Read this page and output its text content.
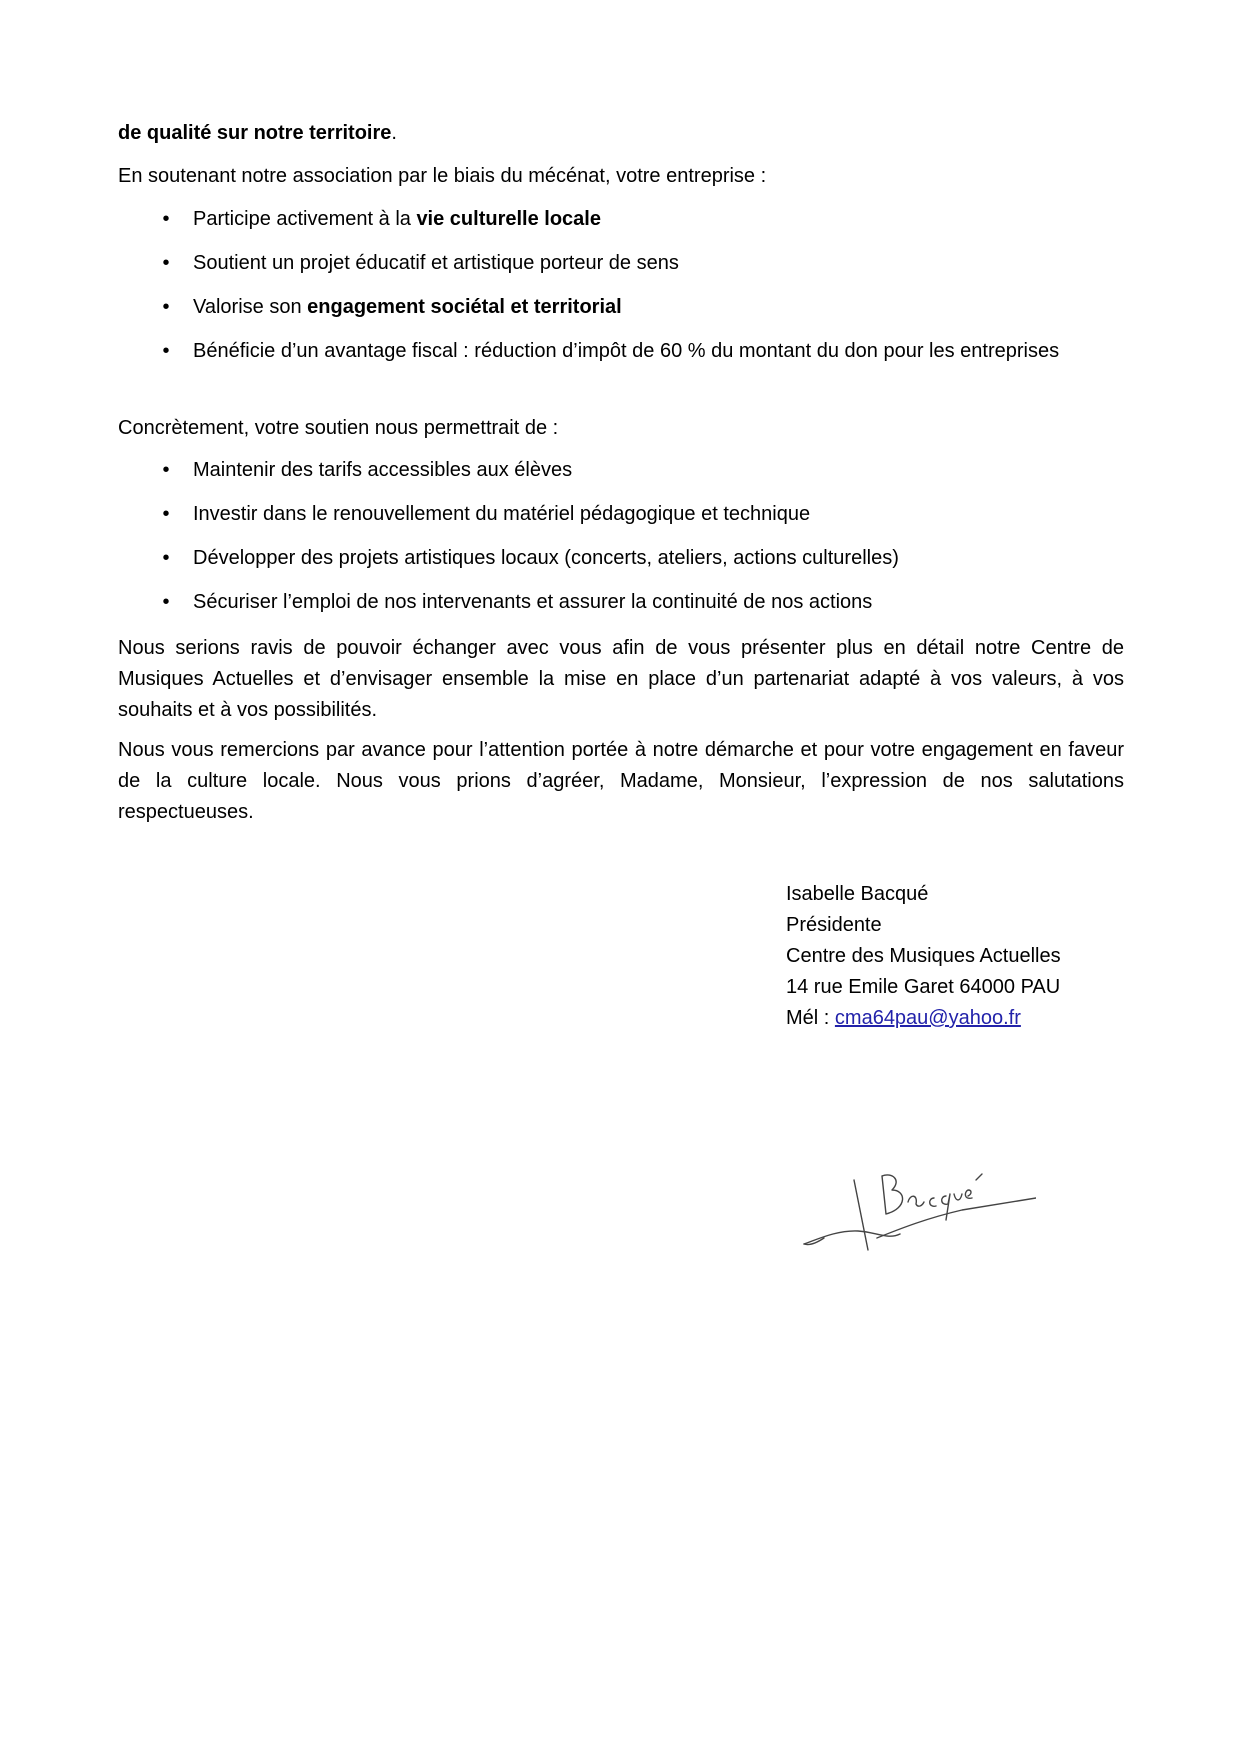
de qualité sur notre territoire.
En soutenant notre association par le biais du mécénat, votre entreprise :
• Participe activement à la vie culturelle locale
• Soutient un projet éducatif et artistique porteur de sens
• Valorise son engagement sociétal et territorial
• Bénéficie d’un avantage fiscal : réduction d’impôt de 60 % du montant du don pour les entreprises
Concrètement, votre soutien nous permettrait de :
• Maintenir des tarifs accessibles aux élèves
• Investir dans le renouvellement du matériel pédagogique et technique
• Développer des projets artistiques locaux (concerts, ateliers, actions culturelles)
• Sécuriser l’emploi de nos intervenants et assurer la continuité de nos actions
Nous serions ravis de pouvoir échanger avec vous afin de vous présenter plus en détail notre Centre de Musiques Actuelles et d’envisager ensemble la mise en place d’un partenariat adapté à vos valeurs, à vos souhaits et à vos possibilités.
Nous vous remercions par avance pour l’attention portée à notre démarche et pour votre engagement en faveur de la culture locale. Nous vous prions d’agréer, Madame, Monsieur, l’expression de nos salutations respectueuses.
Isabelle Bacqué
Présidente
Centre des Musiques Actuelles
14 rue Emile Garet 64000 PAU
Mél : cma64pau@yahoo.fr
